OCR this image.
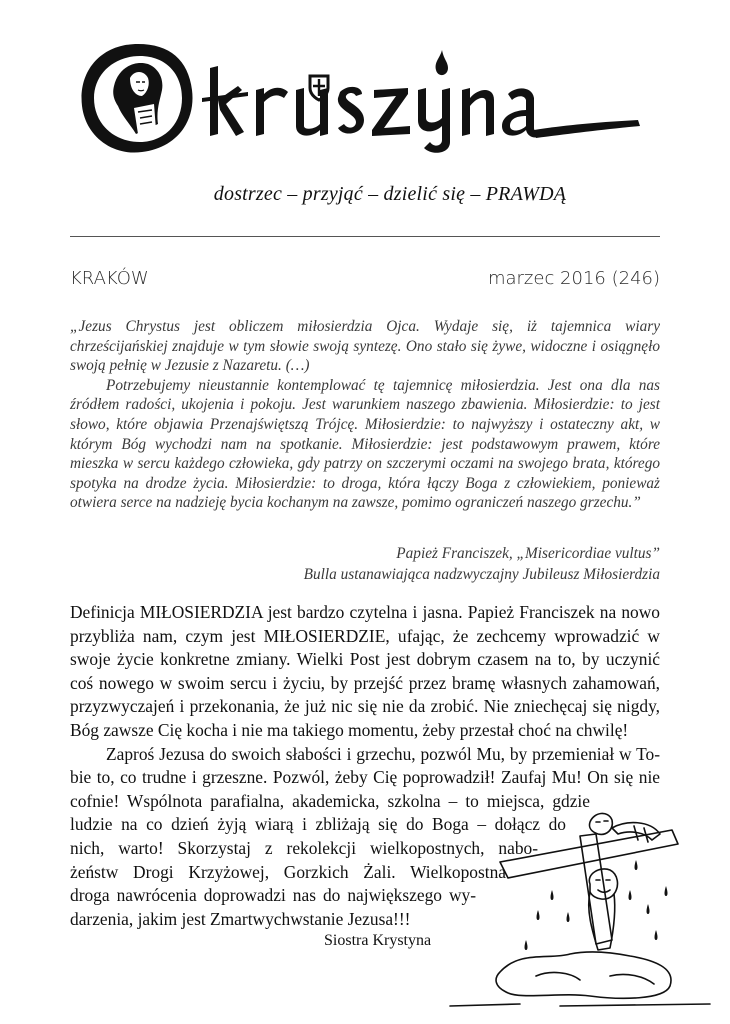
dostrzec – przyjąć – dzielić się – PRAWDĄ
KRAKÓW	marzec 2016 (246)

„Jezus Chrystus jest obliczem miłosierdzia Ojca. Wydaje się, iż tajemnica wiary chrześcijańskiej znajduje w tym słowie swoją syntezę. Ono stało się żywe, widoczne i osiągnęło swoją pełnię w Jezusie z Nazaretu. (…)

Potrzebujemy nieustannie kontemplować tę tajemnicę miłosierdzia. Jest ona dla nas źródłem radości, ukojenia i pokoju. Jest warunkiem naszego zbawienia. Miłosierdzie: to jest słowo, które objawia Przenajświętszą Trójcę. Miłosierdzie: to najwyższy i ostateczny akt, w którym Bóg wychodzi nam na spotkanie. Miłosierdzie: jest podstawowym prawem, które mieszka w sercu każdego człowieka, gdy patrzy on szczerymi oczami na swojego brata, którego spotyka na drodze życia. Miłosierdzie: to droga, która łączy Boga z człowiekiem, ponieważ otwiera serce na nadzieję bycia kochanym na zawsze, pomimo ograniczeń naszego grzechu.”

Papież Franciszek, „Misericordiae vultus”
Bulla ustanawiająca nadzwyczajny Jubileusz Miłosierdzia

Definicja MIŁOSIERDZIA jest bardzo czytelna i jasna. Papież Franciszek na nowo przybliża nam, czym jest MIŁOSIERDZIE, ufając, że zechcemy wprowadzić w swoje życie konkretne zmiany. Wielki Post jest dobrym czasem na to, by uczynić coś nowego w swoim sercu i życiu, by przejść przez bramę własnych zahamowań, przyzwyczajeń i przekonania, że już nic się nie da zrobić. Nie zniechęcaj się nigdy, Bóg zawsze Cię kocha i nie ma takiego momentu, żeby przestał choć na chwilę!

Zaproś Jezusa do swoich słabości i grzechu, pozwól Mu, by przemieniał w To-
bie to, co trudne i grzeszne. Pozwól, żeby Cię poprowadził! Zaufaj Mu! On się nie
cofnie! Wspólnota parafialna, akademicka, szkolna – to miejsca, gdzie
ludzie na co dzień żyją wiarą i zbliżają się do Boga – dołącz do
nich, warto! Skorzystaj z rekolekcji wielkopostnych, nabo-
żeństw Drogi Krzyżowej, Gorzkich Żali. Wielkopostna
droga nawrócenia doprowadzi nas do największego wy-
darzenia, jakim jest Zmartwychwstanie Jezusa!!!
Siostra Krystyna
